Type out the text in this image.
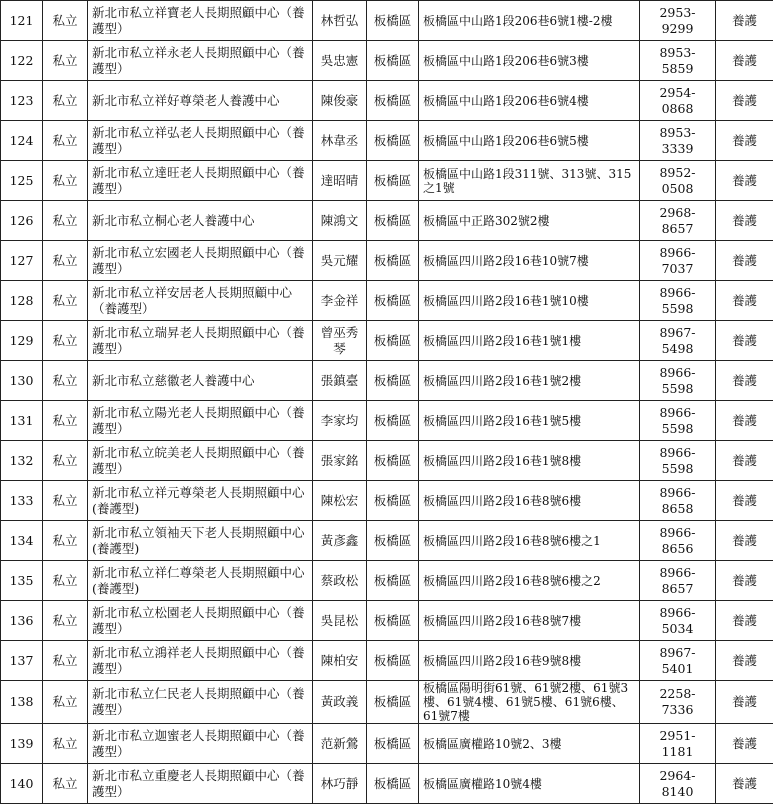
121	私立	新北市私立祥寶老人長期照顧中心（養護型）	林哲弘	板橋區	板橋區中山路1段206巷6號1樓-2樓	2953-9299	養護
122	私立	新北市私立祥永老人長期照顧中心（養護型）	吳忠憲	板橋區	板橋區中山路1段206巷6號3樓	8953-5859	養護
123	私立	新北市私立祥好尊榮老人養護中心	陳俊豪	板橋區	板橋區中山路1段206巷6號4樓	2954-0868	養護
124	私立	新北市私立祥弘老人長期照顧中心（養護型）	林韋丞	板橋區	板橋區中山路1段206巷6號5樓	8953-3339	養護
125	私立	新北市私立達旺老人長期照顧中心（養護型）	達昭晴	板橋區	板橋區中山路1段311號、313號、315之1號	8952-0508	養護
126	私立	新北市私立桐心老人養護中心	陳鴻文	板橋區	板橋區中正路302號2樓	2968-8657	養護
127	私立	新北市私立宏國老人長期照顧中心（養護型）	吳元耀	板橋區	板橋區四川路2段16巷10號7樓	8966-7037	養護
128	私立	新北市私立祥安居老人長期照顧中心（養護型）	李金祥	板橋區	板橋區四川路2段16巷1號10樓	8966-5598	養護
129	私立	新北市私立瑞昇老人長期照顧中心（養護型）	曾巫秀琴	板橋區	板橋區四川路2段16巷1號1樓	8967-5498	養護
130	私立	新北市私立慈徽老人養護中心	張鎮臺	板橋區	板橋區四川路2段16巷1號2樓	8966-5598	養護
131	私立	新北市私立陽光老人長期照顧中心（養護型）	李家均	板橋區	板橋區四川路2段16巷1號5樓	8966-5598	養護
132	私立	新北市私立皖美老人長期照顧中心（養護型）	張家銘	板橋區	板橋區四川路2段16巷1號8樓	8966-5598	養護
133	私立	新北市私立祥元尊榮老人長期照顧中心(養護型)	陳松宏	板橋區	板橋區四川路2段16巷8號6樓	8966-8658	養護
134	私立	新北市私立領袖天下老人長期照顧中心(養護型)	黃彥鑫	板橋區	板橋區四川路2段16巷8號6樓之1	8966-8656	養護
135	私立	新北市私立祥仁尊榮老人長期照顧中心(養護型)	蔡政松	板橋區	板橋區四川路2段16巷8號6樓之2	8966-8657	養護
136	私立	新北市私立松園老人長期照顧中心（養護型）	吳昆松	板橋區	板橋區四川路2段16巷8號7樓	8966-5034	養護
137	私立	新北市私立鴻祥老人長期照顧中心（養護型）	陳柏安	板橋區	板橋區四川路2段16巷9號8樓	8967-5401	養護
138	私立	新北市私立仁民老人長期照顧中心（養護型）	黃政義	板橋區	板橋區陽明街61號、61號2樓、61號3樓、61號4樓、61號5樓、61號6樓、61號7樓	2258-7336	養護
139	私立	新北市私立迦蜜老人長期照顧中心（養護型）	范新鶯	板橋區	板橋區廣權路10號2、3樓	2951-1181	養護
140	私立	新北市私立重慶老人長期照顧中心（養護型）	林巧靜	板橋區	板橋區廣權路10號4樓	2964-8140	養護
